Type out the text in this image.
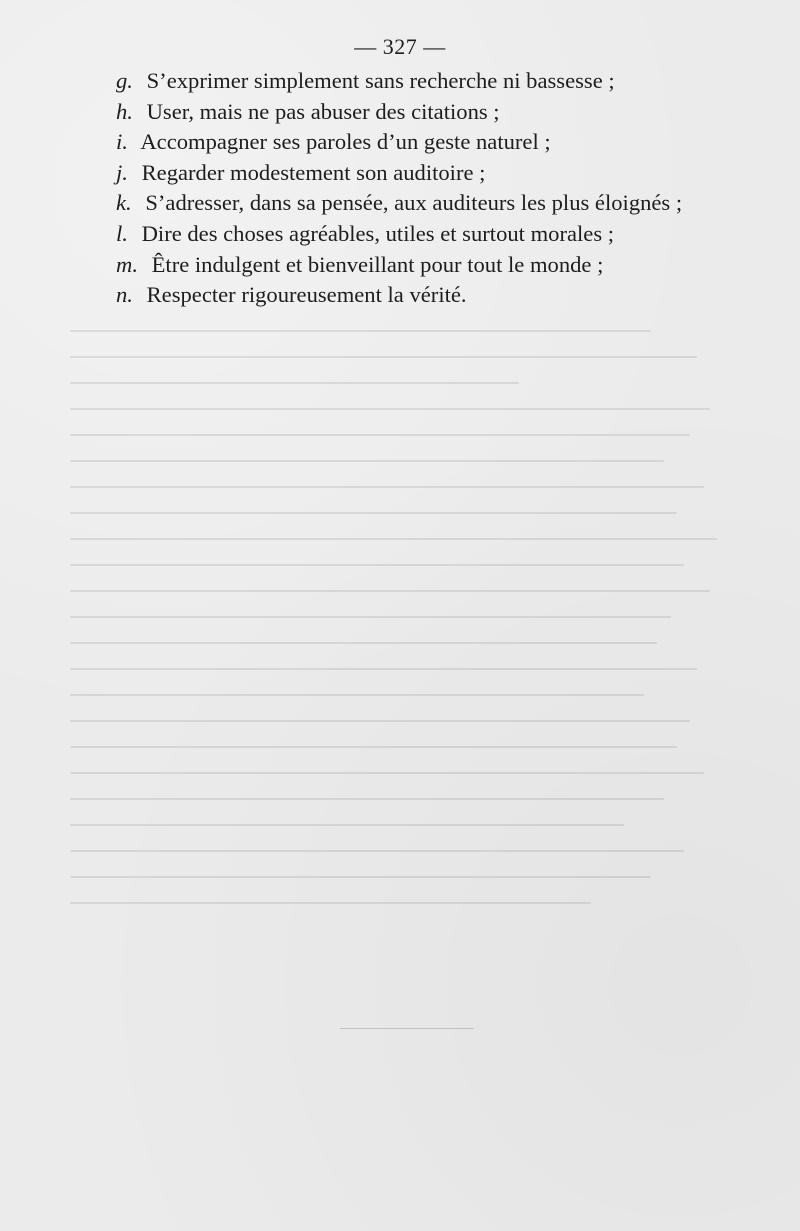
— 327 —
g. S’exprimer simplement sans recherche ni bassesse ;
h. User, mais ne pas abuser des citations ;
i. Accompagner ses paroles d’un geste naturel ;
j. Regarder modestement son auditoire ;
k. S’adresser, dans sa pensée, aux auditeurs les plus éloignés ;
l. Dire des choses agréables, utiles et surtout morales ;
m. Être indulgent et bienveillant pour tout le monde ;
n. Respecter rigoureusement la vérité.
